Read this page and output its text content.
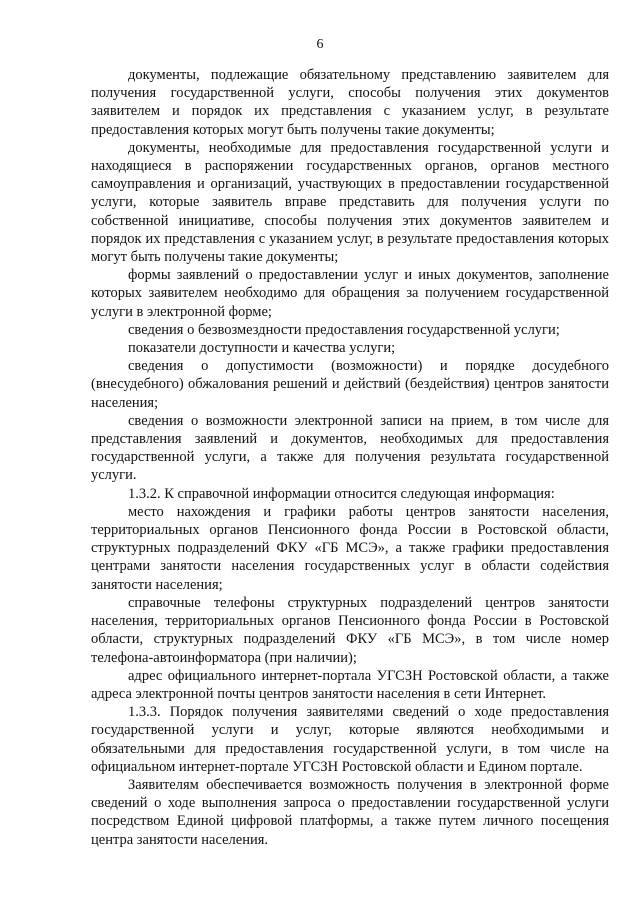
6

документы, подлежащие обязательному представлению заявителем для получения государственной услуги, способы получения этих документов заявителем и порядок их представления с указанием услуг, в результате предоставления которых могут быть получены такие документы;

документы, необходимые для предоставления государственной услуги и находящиеся в распоряжении государственных органов, органов местного самоуправления и организаций, участвующих в предоставлении государственной услуги, которые заявитель вправе представить для получения услуги по собственной инициативе, способы получения этих документов заявителем и порядок их представления с указанием услуг, в результате предоставления которых могут быть получены такие документы;

формы заявлений о предоставлении услуг и иных документов, заполнение которых заявителем необходимо для обращения за получением государственной услуги в электронной форме;

сведения о безвозмездности предоставления государственной услуги;

показатели доступности и качества услуги;

сведения о допустимости (возможности) и порядке досудебного (внесудебного) обжалования решений и действий (бездействия) центров занятости населения;

сведения о возможности электронной записи на прием, в том числе для представления заявлений и документов, необходимых для предоставления государственной услуги, а также для получения результата государственной услуги.

1.3.2. К справочной информации относится следующая информация:

место нахождения и графики работы центров занятости населения, территориальных органов Пенсионного фонда России в Ростовской области, структурных подразделений ФКУ «ГБ МСЭ», а также графики предоставления центрами занятости населения государственных услуг в области содействия занятости населения;

справочные телефоны структурных подразделений центров занятости населения, территориальных органов Пенсионного фонда России в Ростовской области, структурных подразделений ФКУ «ГБ МСЭ», в том числе номер телефона-автоинформатора (при наличии);

адрес официального интернет-портала УГСЗН Ростовской области, а также адреса электронной почты центров занятости населения в сети Интернет.

1.3.3. Порядок получения заявителями сведений о ходе предоставления государственной услуги и услуг, которые являются необходимыми и обязательными для предоставления государственной услуги, в том числе на официальном интернет-портале УГСЗН Ростовской области и Едином портале.

Заявителям обеспечивается возможность получения в электронной форме сведений о ходе выполнения запроса о предоставлении государственной услуги посредством Единой цифровой платформы, а также путем личного посещения центра занятости населения.
